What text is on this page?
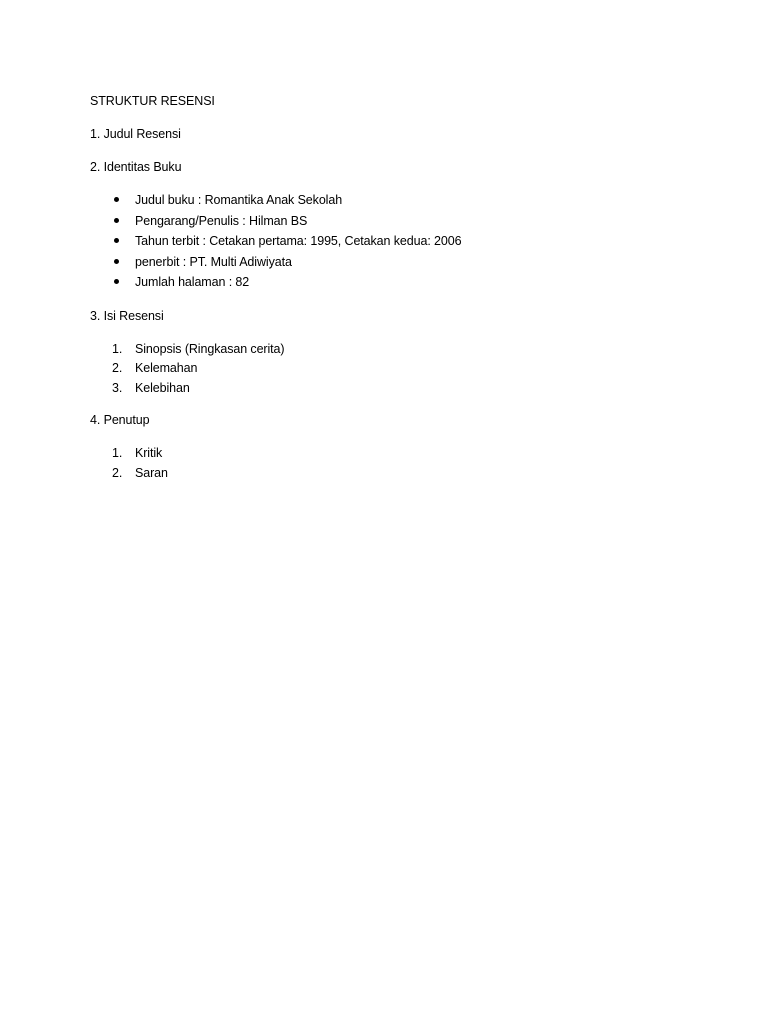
STRUKTUR RESENSI

1. Judul Resensi

2. Identitas Buku

Judul buku : Romantika Anak Sekolah
Pengarang/Penulis : Hilman BS
Tahun terbit : Cetakan pertama: 1995, Cetakan kedua: 2006
penerbit : PT. Multi Adiwiyata
Jumlah halaman : 82

3. Isi Resensi

1. Sinopsis (Ringkasan cerita)
2. Kelemahan
3. Kelebihan

4. Penutup

1. Kritik
2. Saran
